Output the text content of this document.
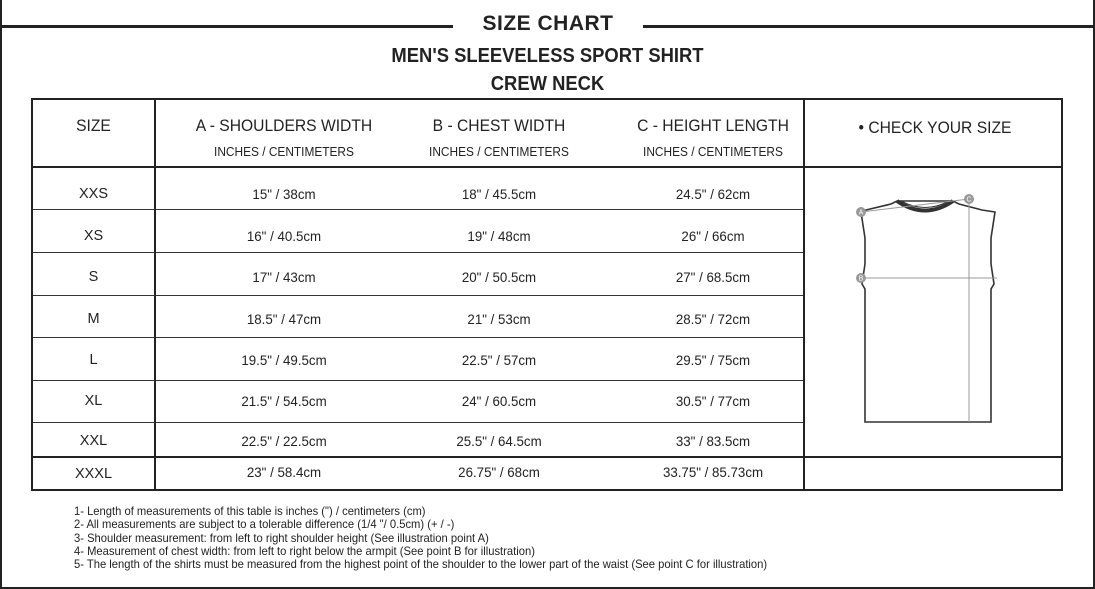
SIZE CHART
MEN'S SLEEVELESS SPORT SHIRT
CREW NECK
SIZE	A - SHOULDERS WIDTH	B - CHEST WIDTH	C - HEIGHT LENGTH
INCHES / CENTIMETERS	INCHES / CENTIMETERS	INCHES / CENTIMETERS
• CHECK YOUR SIZE
XXS	15" / 38cm	18" / 45.5cm	24.5" / 62cm
XS	16" / 40.5cm	19" / 48cm	26" / 66cm
S	17" / 43cm	20" / 50.5cm	27" / 68.5cm
M	18.5" / 47cm	21" / 53cm	28.5" / 72cm
L	19.5" / 49.5cm	22.5" / 57cm	29.5" / 75cm
XL	21.5" / 54.5cm	24" / 60.5cm	30.5" / 77cm
XXL	22.5" / 22.5cm	25.5" / 64.5cm	33" / 83.5cm
XXXL	23" / 58.4cm	26.75" / 68cm	33.75" / 85.73cm
A
B
C
1- Length of measurements of this table is inches (") / centimeters (cm)
2- All measurements are subject to a tolerable difference (1/4 "/ 0.5cm) (+ / -)
3- Shoulder measurement: from left to right shoulder height (See illustration point A)
4- Measurement of chest width: from left to right below the armpit (See point B for illustration)
5- The length of the shirts must be measured from the highest point of the shoulder to the lower part of the waist (See point C for illustration)
